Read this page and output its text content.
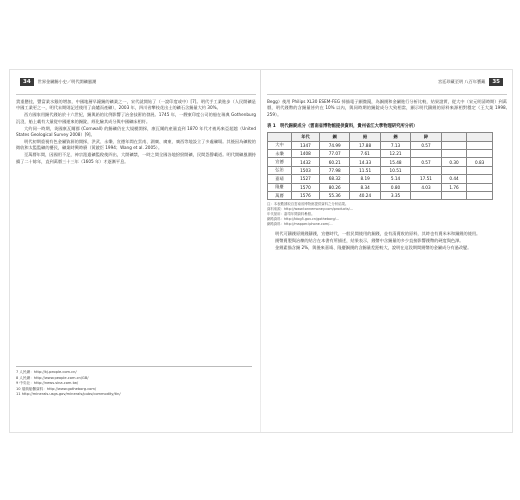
34	世界金屬錫小史／明代開礦風潮

貴重懸挂，豐富業水銀的增加，中國地層早鐘錫的礦業之一，宋代就開始了（一說印度或中）[7]。明代手工業進步（人民開礦是中國工業更之一，明代末期則記述使用了高爐而產礦），2003 年，四川省攀枝花出土的礦石含錫量大約 30%。

西方國家用錫代錢始於十六世紀，錫與鉛的比例影響了冶金技術的發展。1745 年，一艘東印度公司的船在瑞典 Gothenburg 沉沒，船上載有大量從中國運來的錫錠，經化驗其成分與中國礦床相符。

大約同一時期，英國康瓦爾郡 (Cornwall) 的錫礦仍在大規模開採，康瓦爾的產量直到 1870 年代才被馬來亞超越（United States Geological Survey 2008）[9]。

明代初期重視有色金屬資源的開採，洪武、永樂、宣德年間在雲南、湖廣、廣東、廣西等地設立了多處礦場。其後因為礦稅的徵收和太監監礦的擾民，礦業時興時廢（黃啟臣 1994；Wang et al. 2005）。

至萬曆年間，因國用不足，神宗派遣礦監稅使四出，大開礦禁，一時之間全國各地紛紛開礦，民間怨聲載道。明代開礦風潮持續了二十餘年，直到萬曆三十三年（1605 年）才逐漸平息。

7 人民網：http://kj.people.com.cn/
8 人民網：http://www.people.com.cn/GB/
9 中央社：http://news.sina.com.tw/
10 瑞典船難資料：http://www.gotheborg.com/
11 http://minerals.usgs.gov/minerals/pubs/commodity/tin/
宮廷珍藏至明 八百年寶藏	35

Begg）使用 Philips XL30 ESEM-FEG 掃描電子顯微鏡，為銅錢和金屬進行分析比較，結果證實，從大中（宋元明清時期）到萬曆，明代錢幣的含錫量皆約在 10% 以內，與同時期的錫錠成分大致相當，顯示明代鑄錢的原料來源相對穩定（王大業 1998, 259）。

表 1　明代錫錠成分（雲南省博物館提供資料，貴州省江大學物理研究所分析）
	年代	銅	鉛	錫	鋅		
大中	1347	74.99	17.88	7.13	0.57		
永樂	1408	77.07	7.61	12.21			
宣德	1432	60.21	14.33	15.48	0.57	0.30	0.83
弘治	1503	77.98	11.51	10.51			
嘉靖	1527	68.32	8.19	5.14	17.51	0.44	
隆慶	1570	80.26	8.34	0.80	4.03	1.76	
萬曆	1576	55.36	40.24	3.35			
注：本表數據取自雲南省博物館提供資料之分析結果。
資料來源：http://www.tonnemoney.com/products/...
年代採用：嘉靖年間資料參照。
網路資料：http://blog5.gov.cn/gotheborg/...
網路資料：http://mapper.iphone.com/...

明代可鑄錢原錢錢鑄錢，宣德時代，一般民間使用的銅錢，並有清賣收的原料，其時也有賣米米和銅錢的使用。

錢幣賣製與冶煉的結合在本書有所描述，結果表示，錢幣中含錫量的多少直接影響錢幣的硬度與色澤。

金錢素描含錫 2%，與後來嘉靖、隆慶銅錢的含錫量差距較大，說明在這段期間錢幣的金屬成分有過改變。
